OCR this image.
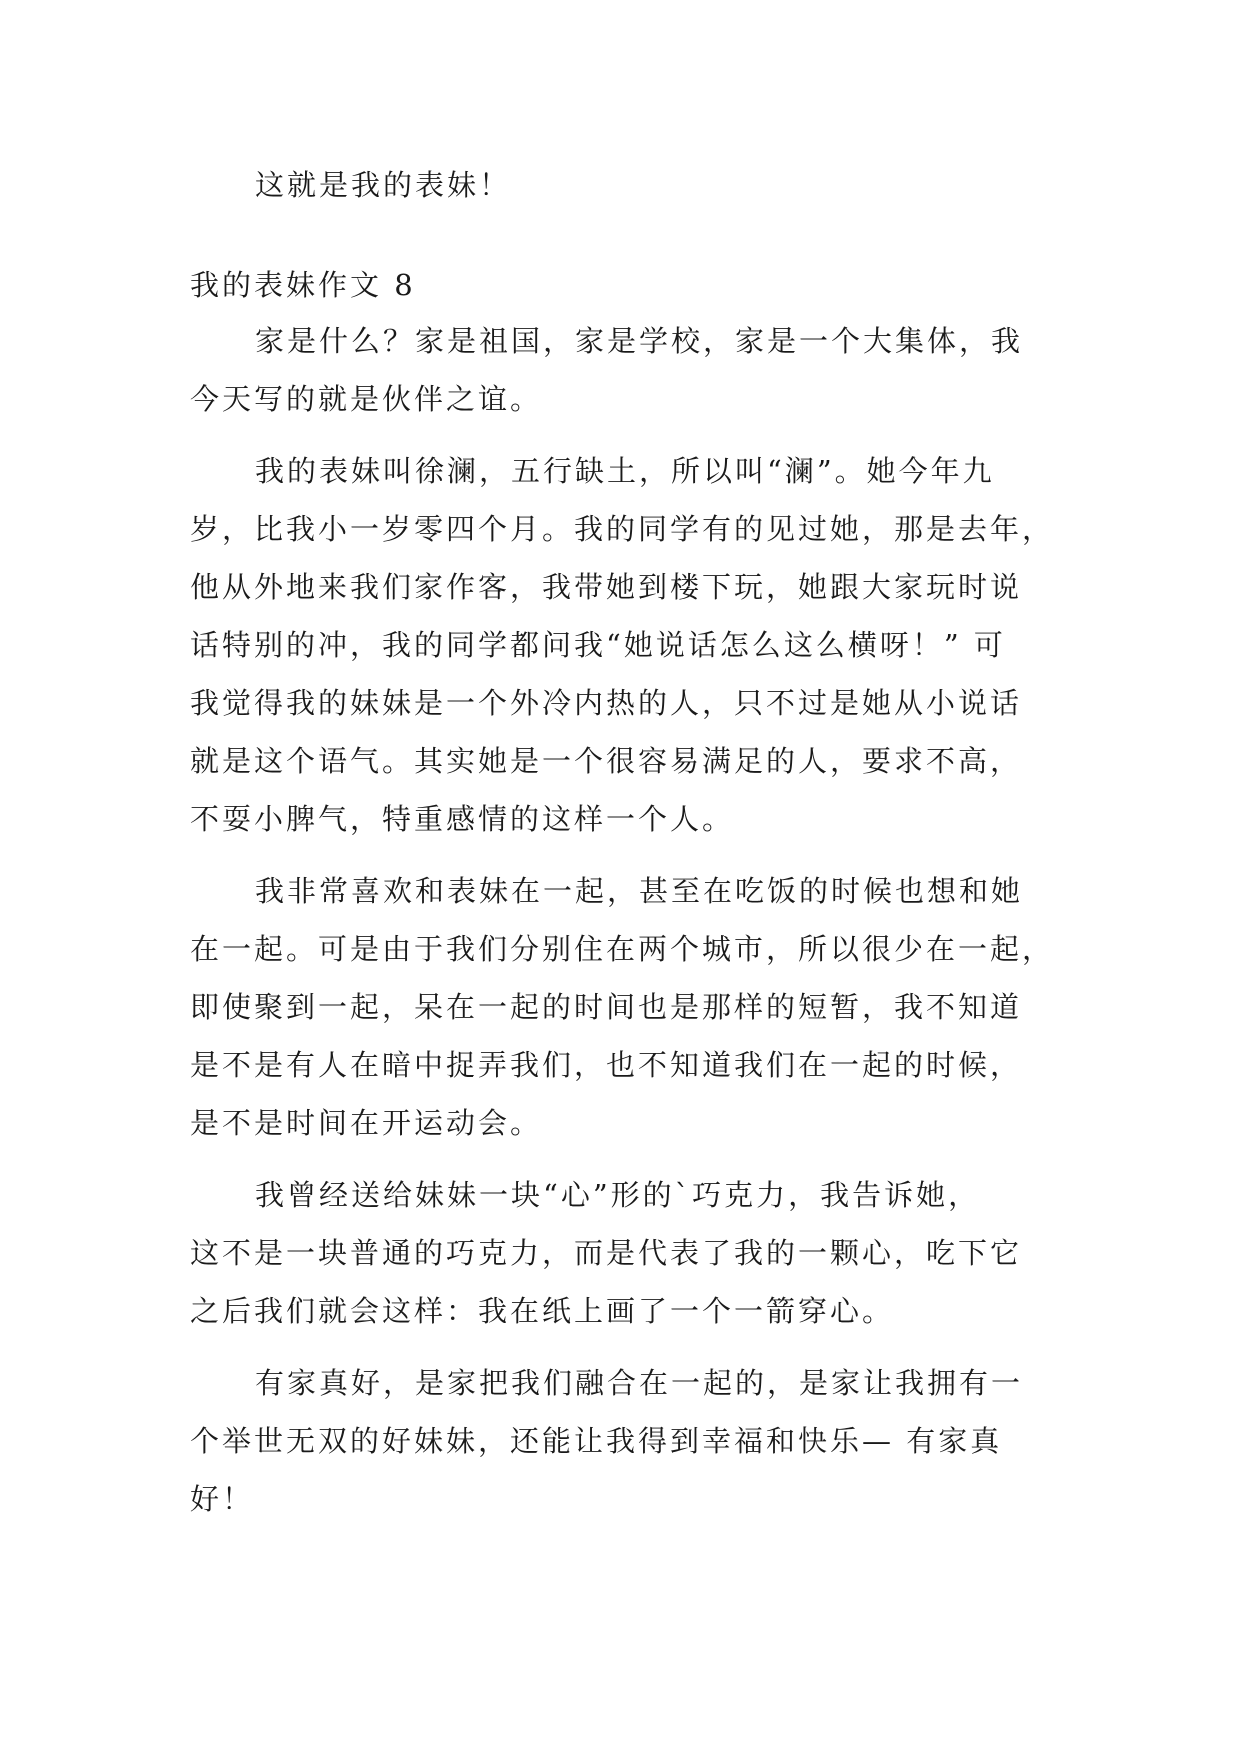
这就是我的表妹！

我的表妹作文 8

家是什么？家是祖国，家是学校，家是一个大集体，我

今天写的就是伙伴之谊。

我的表妹叫徐澜，五行缺土，所以叫“澜”。她今年九

岁，比我小一岁零四个月。我的同学有的见过她，那是去年，

他从外地来我们家作客，我带她到楼下玩，她跟大家玩时说

话特别的冲，我的同学都问我“她说话怎么这么横呀！” 可

我觉得我的妹妹是一个外冷内热的人，只不过是她从小说话

就是这个语气。其实她是一个很容易满足的人，要求不高，

不耍小脾气，特重感情的这样一个人。

我非常喜欢和表妹在一起，甚至在吃饭的时候也想和她

在一起。可是由于我们分别住在两个城市，所以很少在一起，

即使聚到一起，呆在一起的时间也是那样的短暂，我不知道

是不是有人在暗中捉弄我们，也不知道我们在一起的时候，

是不是时间在开运动会。

我曾经送给妹妹一块“心”形的`巧克力，我告诉她，

这不是一块普通的巧克力，而是代表了我的一颗心，吃下它

之后我们就会这样：我在纸上画了一个一箭穿心。

有家真好，是家把我们融合在一起的，是家让我拥有一

个举世无双的好妹妹，还能让我得到幸福和快乐— 有家真

好！
